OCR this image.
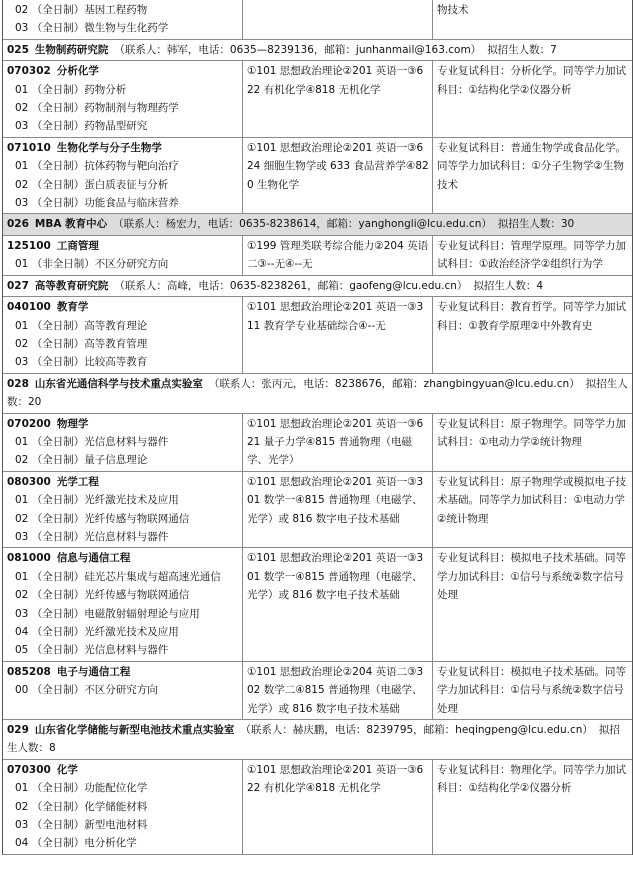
02 （全日制）基因工程药物
03 （全日制）微生物与生化药学
物技术
025 生物制药研究院 （联系人：韩军，电话：0635—8239136，邮箱：junhanmail@163.com） 拟招生人数：7
070302 分析化学
01 （全日制）药物分析
02 （全日制）药物制剂与物理药学
03 （全日制）药物晶型研究
①101 思想政治理论②201 英语一③622 有机化学④818 无机化学
专业复试科目：分析化学。同等学力加试科目：①结构化学②仪器分析
071010 生物化学与分子生物学
01 （全日制）抗体药物与靶向治疗
02 （全日制）蛋白质表征与分析
03 （全日制）功能食品与临床营养
①101 思想政治理论②201 英语一③624 细胞生物学或 633 食品营养学④820 生物化学
专业复试科目：普通生物学或食品化学。同等学力加试科目：①分子生物学②生物技术
026 MBA 教育中心 （联系人：杨宏力，电话：0635-8238614，邮箱：yanghongli@lcu.edu.cn） 拟招生人数：30
125100 工商管理
01 （非全日制）不区分研究方向
①199 管理类联考综合能力②204 英语二③--无④--无
专业复试科目：管理学原理。同等学力加试科目：①政治经济学②组织行为学
027 高等教育研究院 （联系人：高峰，电话：0635-8238261，邮箱：gaofeng@lcu.edu.cn） 拟招生人数：4
040100 教育学
01 （全日制）高等教育理论
02 （全日制）高等教育管理
03 （全日制）比较高等教育
①101 思想政治理论②201 英语一③311 教育学专业基础综合④--无
专业复试科目：教育哲学。同等学力加试科目：①教育学原理②中外教育史
028 山东省光通信科学与技术重点实验室 （联系人：张丙元，电话：8238676，邮箱：zhangbingyuan@lcu.edu.cn） 拟招生人数：20
070200 物理学
01 （全日制）光信息材料与器件
02 （全日制）量子信息理论
①101 思想政治理论②201 英语一③621 量子力学④815 普通物理（电磁学、光学）
专业复试科目：原子物理学。同等学力加试科目：①电动力学②统计物理
080300 光学工程
01 （全日制）光纤激光技术及应用
02 （全日制）光纤传感与物联网通信
03 （全日制）光信息材料与器件
①101 思想政治理论②201 英语一③301 数学一④815 普通物理（电磁学、光学）或 816 数字电子技术基础
专业复试科目：原子物理学或模拟电子技术基础。同等学力加试科目：①电动力学②统计物理
081000 信息与通信工程
01 （全日制）硅光芯片集成与超高速光通信
02 （全日制）光纤传感与物联网通信
03 （全日制）电磁散射辐射理论与应用
04 （全日制）光纤激光技术及应用
05 （全日制）光信息材料与器件
①101 思想政治理论②201 英语一③301 数学一④815 普通物理（电磁学、光学）或 816 数字电子技术基础
专业复试科目：模拟电子技术基础。同等学力加试科目：①信号与系统②数字信号处理
085208 电子与通信工程
00 （全日制）不区分研究方向
①101 思想政治理论②204 英语二③302 数学二④815 普通物理（电磁学、光学）或 816 数字电子技术基础
专业复试科目：模拟电子技术基础。同等学力加试科目：①信号与系统②数字信号处理
029 山东省化学储能与新型电池技术重点实验室 （联系人：赫庆鹏，电话：8239795，邮箱：heqingpeng@lcu.edu.cn） 拟招生人数：8
070300 化学
01 （全日制）功能配位化学
02 （全日制）化学储能材料
03 （全日制）新型电池材料
04 （全日制）电分析化学
①101 思想政治理论②201 英语一③622 有机化学④818 无机化学
专业复试科目：物理化学。同等学力加试科目：①结构化学②仪器分析
